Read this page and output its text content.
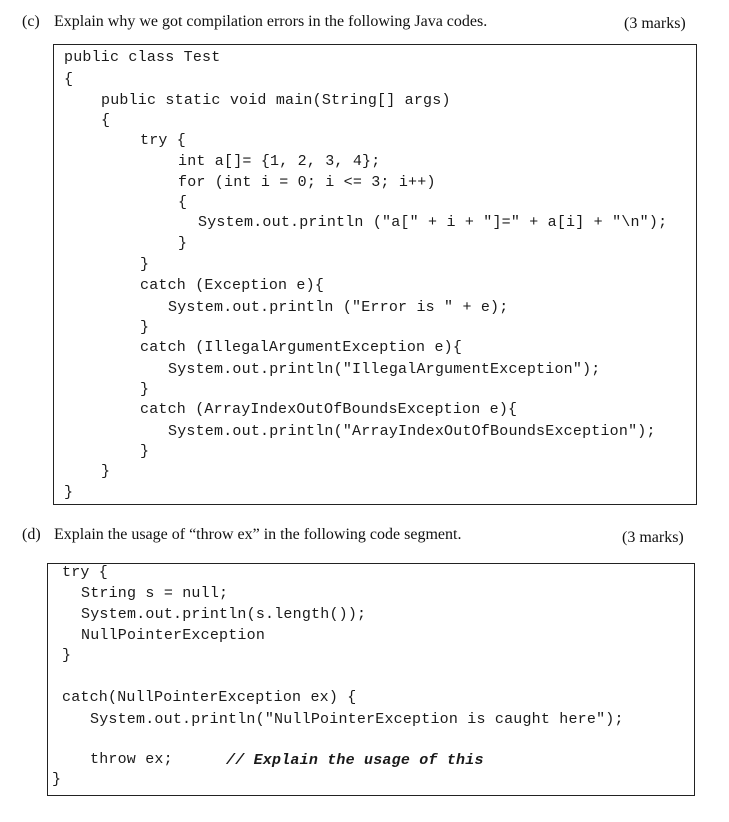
(c) Explain why we got compilation errors in the following Java codes.	(3 marks)
public class Test
{
public static void main(String[] args)
{
try {
int a[]= {1, 2, 3, 4};
for (int i = 0; i <= 3; i++)
{
System.out.println ("a[" + i + "]=" + a[i] + "\n");
}
}
catch (Exception e){
System.out.println ("Error is " + e);
}
catch (IllegalArgumentException e){
System.out.println("IllegalArgumentException");
}
catch (ArrayIndexOutOfBoundsException e){
System.out.println("ArrayIndexOutOfBoundsException");
}
}
}
(d) Explain the usage of “throw ex” in the following code segment.	(3 marks)
try {
String s = null;
System.out.println(s.length());
NullPointerException
}
catch(NullPointerException ex) {
System.out.println("NullPointerException is caught here");
throw ex;	// Explain the usage of this
}
